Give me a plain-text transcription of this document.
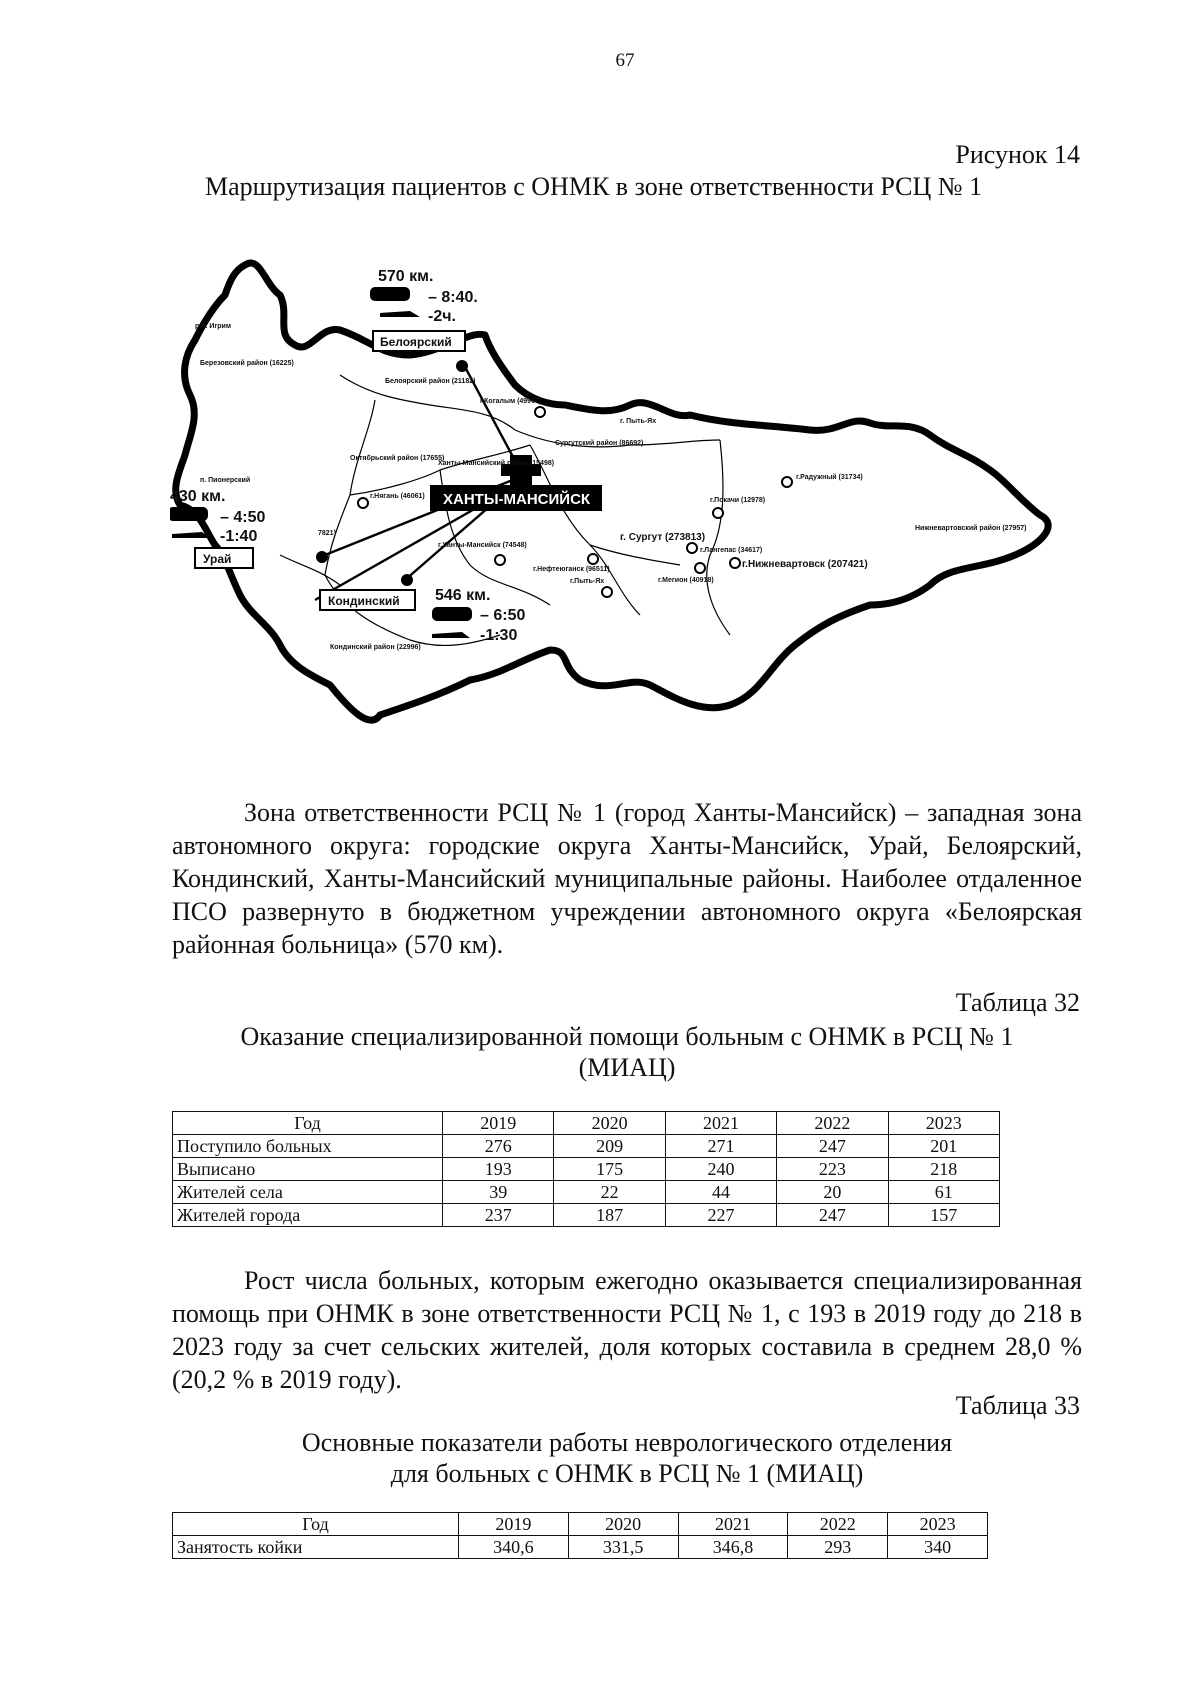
67
Рисунок 14
Маршрутизация пациентов с ОНМК в зоне ответственности РСЦ № 1
ХАНТЫ-МАНСИЙСК
570 км.
– 8:40.
-2ч.
Белоярский
430 км.
– 4:50
-1:40
Урай
Кондинский 546 км.
– 6:50
-1:30
р.п. Игрим
Березовский район (16225)
Белоярский район (21182)
г.Когалым (49907)
г. Пыть-Ях
Сургутский район (86692)
Октябрьский район (17655)
Ханты-Мансийский район (15498)
г.Нягань (46061)
г.Ханты-Мансийск (74548)
п. Пионерский
7821)	г. Сургут (273813)
г.Нефтеюганск (96511)
г.Пыть-Ях
г.Радужный (31734)
г.Покачи (12978)
г.Лангепас (34617)
г.Нижневартовск (207421)
г.Мегион (40918)
Нижневартовский район (27957)
Кондинский район (22996)

Зона ответственности РСЦ № 1 (город Ханты-Мансийск) – западная зона автономного округа: городские округа Ханты-Мансийск, Урай, Белоярский, Кондинский, Ханты-Мансийский муниципальные районы. Наиболее отдаленное ПСО развернуто в бюджетном учреждении автономного округа «Белоярская районная больница» (570 км).

Таблица 32
Оказание специализированной помощи больным с ОНМК в РСЦ № 1
(МИАЦ)
Год	2019	2020	2021	2022	2023
Поступило больных	276	209	271	247	201
Выписано	193	175	240	223	218
Жителей села	39	22	44	20	61
Жителей города	237	187	227	247	157

Рост числа больных, которым ежегодно оказывается специализированная помощь при ОНМК в зоне ответственности РСЦ № 1, с 193 в 2019 году до 218 в 2023 году за счет сельских жителей, доля которых составила в среднем 28,0 % (20,2 % в 2019 году).

Таблица 33
Основные показатели работы неврологического отделения
для больных с ОНМК в РСЦ № 1 (МИАЦ)
Год	2019	2020	2021	2022	2023
Занятость койки	340,6	331,5	346,8	293	340
